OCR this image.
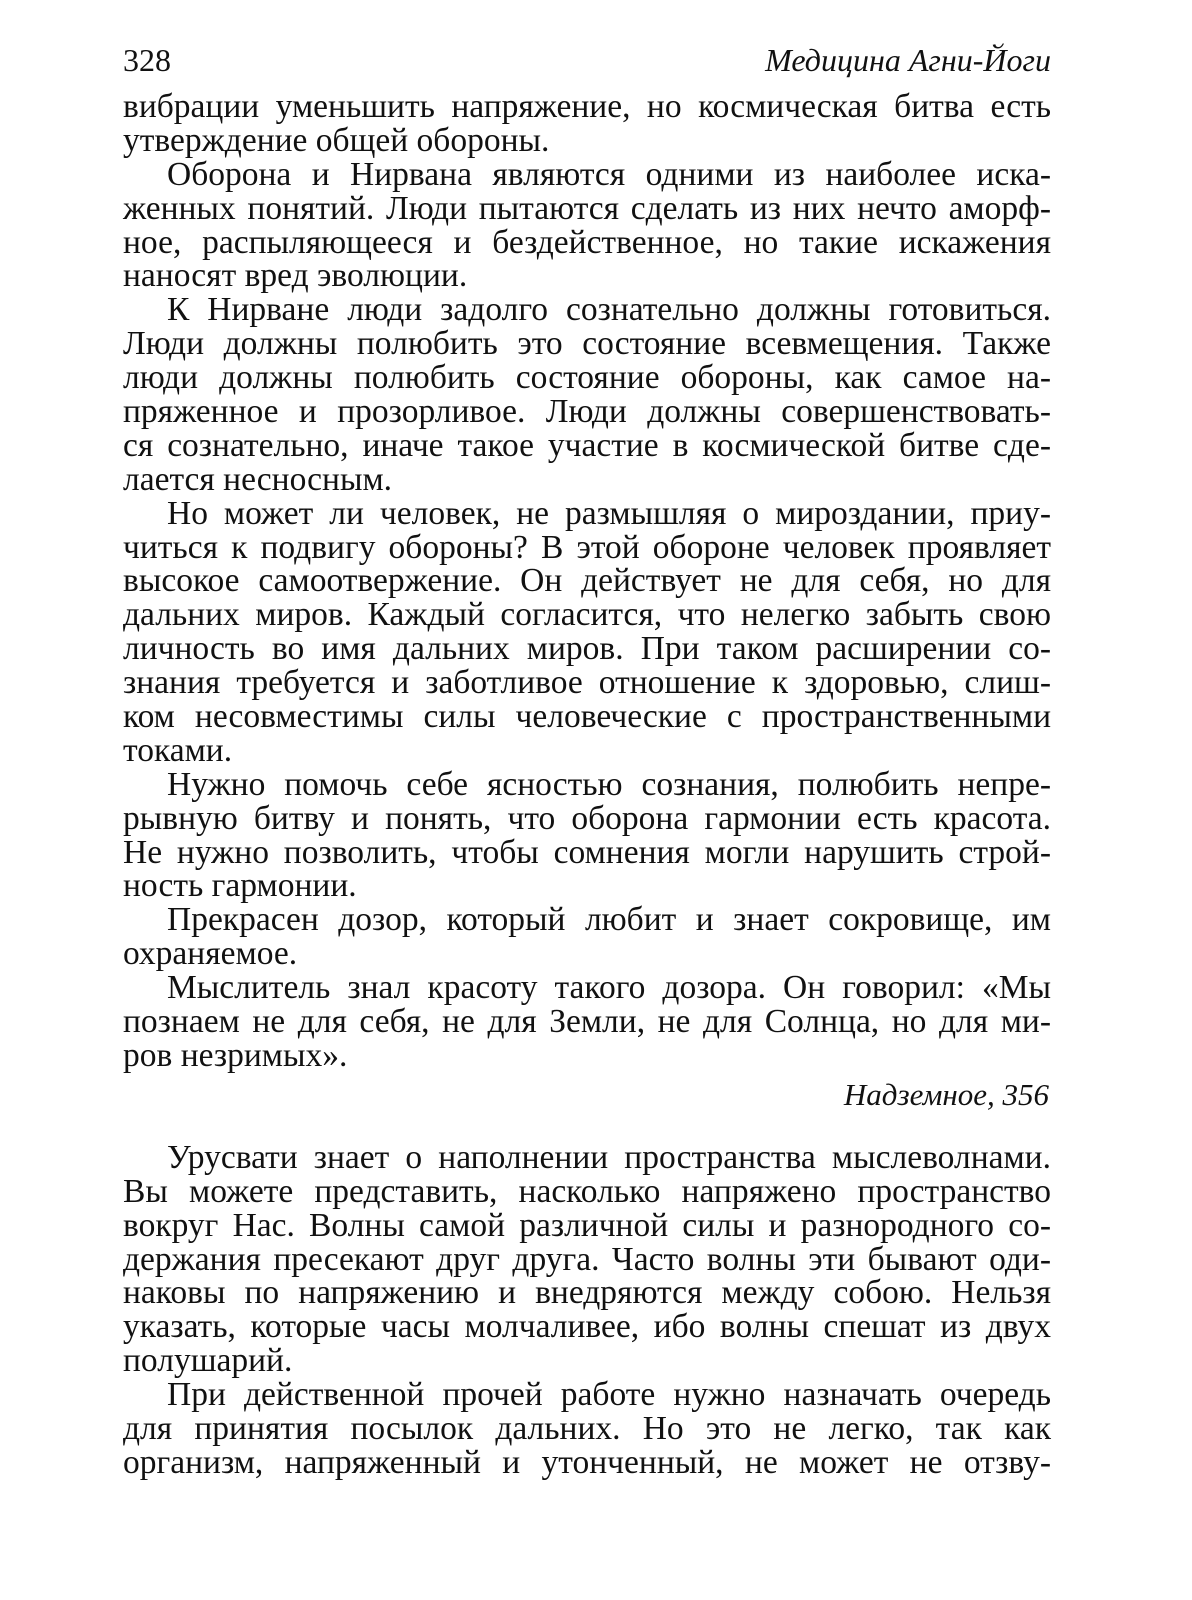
328	Медицина Агни-Йоги
вибрации уменьшить напряжение, но космическая битва есть
утверждение общей обороны.
Оборона и Нирвана являются одними из наиболее иска-
женных понятий. Люди пытаются сделать из них нечто аморф-
ное, распыляющееся и бездейственное, но такие искажения
наносят вред эволюции.
К Нирване люди задолго сознательно должны готовиться.
Люди должны полюбить это состояние всевмещения. Также
люди должны полюбить состояние обороны, как самое на-
пряженное и прозорливое. Люди должны совершенствовать-
ся сознательно, иначе такое участие в космической битве сде-
лается несносным.
Но может ли человек, не размышляя о мироздании, приу-
читься к подвигу обороны? В этой обороне человек проявляет
высокое самоотвержение. Он действует не для себя, но для
дальних миров. Каждый согласится, что нелегко забыть свою
личность во имя дальних миров. При таком расширении со-
знания требуется и заботливое отношение к здоровью, слиш-
ком несовместимы силы человеческие с пространственными
токами.
Нужно помочь себе ясностью сознания, полюбить непре-
рывную битву и понять, что оборона гармонии есть красота.
Не нужно позволить, чтобы сомнения могли нарушить строй-
ность гармонии.
Прекрасен дозор, который любит и знает сокровище, им
охраняемое.
Мыслитель знал красоту такого дозора. Он говорил: «Мы
познаем не для себя, не для Земли, не для Солнца, но для ми-
ров незримых».
Надземное, 356
Урусвати знает о наполнении пространства мыслеволнами.
Вы можете представить, насколько напряжено пространство
вокруг Нас. Волны самой различной силы и разнородного со-
держания пресекают друг друга. Часто волны эти бывают оди-
наковы по напряжению и внедряются между собою. Нельзя
указать, которые часы молчаливее, ибо волны спешат из двух
полушарий.
При действенной прочей работе нужно назначать очередь
для принятия посылок дальних. Но это не легко, так как
организм, напряженный и утонченный, не может не отзву-
